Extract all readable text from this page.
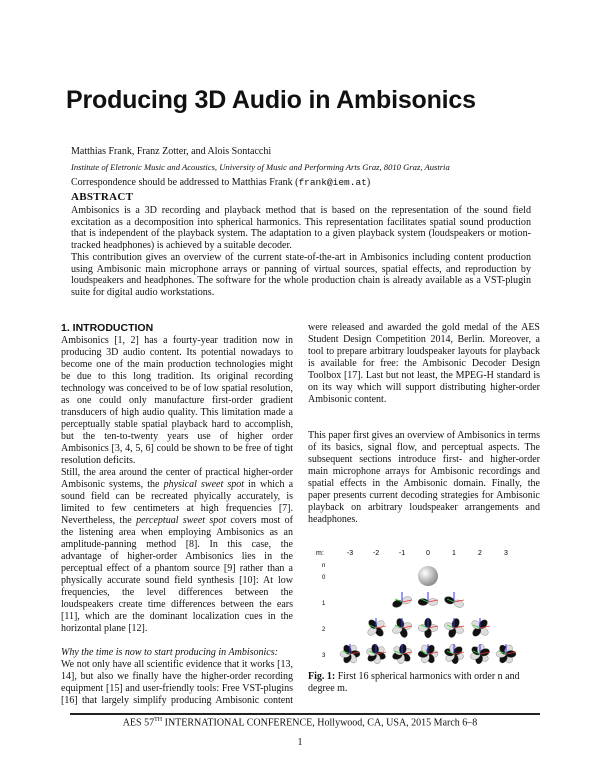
Producing 3D Audio in Ambisonics
Matthias Frank, Franz Zotter, and Alois Sontacchi
Institute of Eletronic Music and Acoustics, University of Music and Performing Arts Graz, 8010 Graz, Austria
Correspondence should be addressed to Matthias Frank (frank@iem.at)
ABSTRACT

Ambisonics is a 3D recording and playback method that is based on the representation of the sound field excitation as a decomposition into spherical harmonics. This representation facilitates spatial sound production that is independent of the playback system. The adaptation to a given playback system (loudspeakers or motion-tracked headphones) is achieved by a suitable decoder.

This contribution gives an overview of the current state-of-the-art in Ambisonics including content production using Ambisonic main microphone arrays or panning of virtual sources, spatial effects, and reproduction by loudspeakers and headphones. The software for the whole production chain is already available as a VST-plugin suite for digital audio workstations.

1. INTRODUCTION

Ambisonics [1, 2] has a fourty-year tradition now in producing 3D audio content. Its potential nowadays to become one of the main production technologies might be due to this long tradition. Its original recording technology was conceived to be of low spatial resolution, as one could only manufacture first-order gradient transducers of high audio quality. This limitation made a perceptually stable spatial playback hard to accomplish, but the ten-to-twenty years use of higher order Ambisonics [3, 4, 5, 6] could be shown to be free of tight resolution deficits.

Still, the area around the center of practical higher-order Ambisonic systems, the physical sweet spot in which a sound field can be recreated phyically accurately, is limited to few centimeters at high frequencies [7]. Nevertheless, the perceptual sweet spot covers most of the listening area when employing Ambisonics as an amplitude-panning method [8]. In this case, the advantage of higher-order Ambisonics lies in the perceptual effect of a phantom source [9] rather than a physically accurate sound field synthesis [10]: At low frequencies, the level differences between the loudspeakers create time differences between the ears [11], which are the dominant localization cues in the horizontal plane [12].

Why the time is now to start producing in Ambisonics:
We not only have all scientific evidence that it works [13, 14], but also we finally have the higher-order recording equipment [15] and user-friendly tools: Free VST-plugins [16] that largely simplify producing Ambisonic content were released and awarded the gold medal of the AES Student Design Competition 2014, Berlin. Moreover, a tool to prepare arbitrary loudspeaker layouts for playback is available for free: the Ambisonic Decoder Design Toolbox [17]. Last but not least, the MPEG-H standard is on its way which will support distributing higher-order Ambisonic content.

This paper first gives an overview of Ambisonics in terms of its basics, signal flow, and perceptual aspects. The subsequent sections introduce first- and higher-order main microphone arrays for Ambisonic recordings and spatial effects in the Ambisonic domain. Finally, the paper presents current decoding strategies for Ambisonic playback on arbitrary loudspeaker arrangements and headphones.

m:	-3	-2	-1	0	1	2	3
n
0
1
2
3
Fig. 1: First 16 spherical harmonics with order n and degree m.
AES 57TH INTERNATIONAL CONFERENCE, Hollywood, CA, USA, 2015 March 6–8
1
